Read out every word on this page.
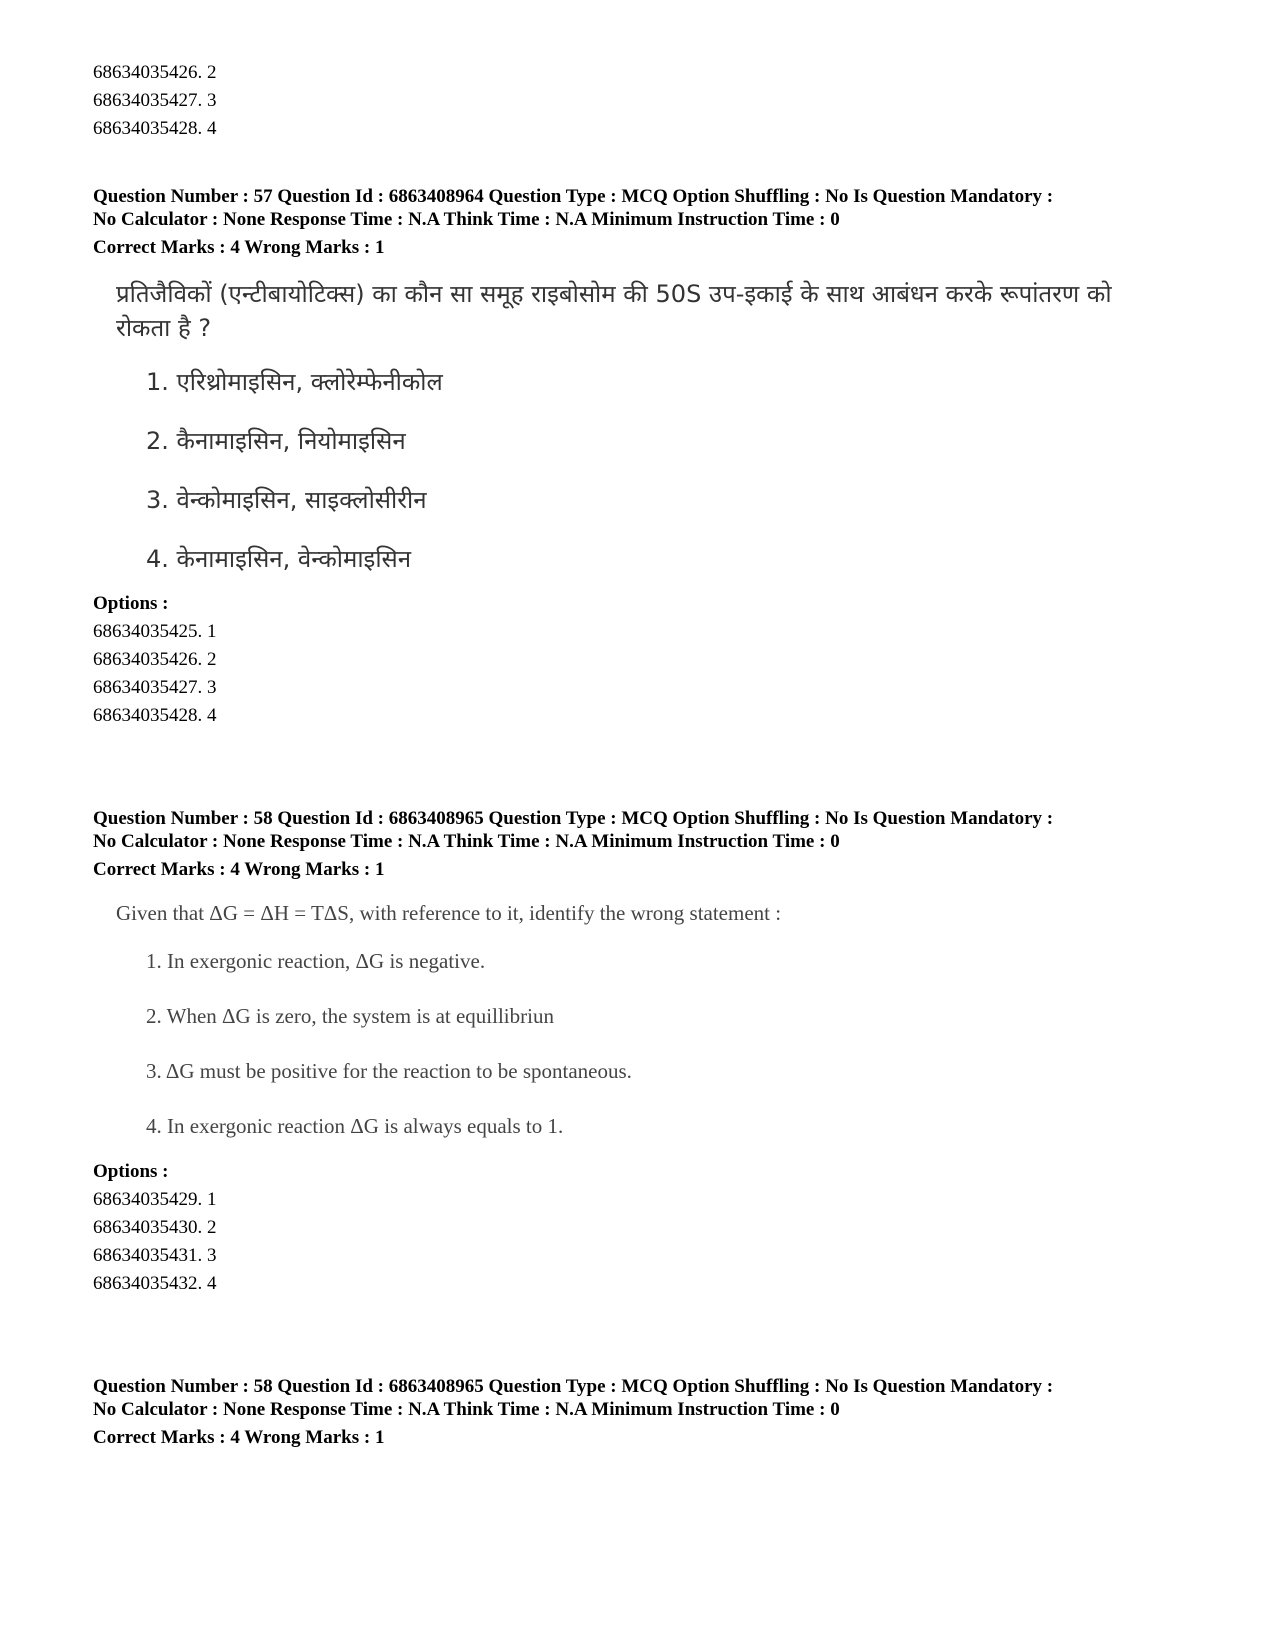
68634035426. 2
68634035427. 3
68634035428. 4
Question Number : 57 Question Id : 6863408964 Question Type : MCQ Option Shuffling : No Is Question Mandatory :
No Calculator : None Response Time : N.A Think Time : N.A Minimum Instruction Time : 0
Correct Marks : 4 Wrong Marks : 1
प्रतिजैविकों (एन्टीबायोटिक्स) का कौन सा समूह राइबोसोम की 50S उप-इकाई के साथ आबंधन करके रूपांतरण को
रोकता है ?
1. एरिथ्रोमाइसिन, क्लोरेम्फेनीकोल
2. कैनामाइसिन, नियोमाइसिन
3. वेन्कोमाइसिन, साइक्लोसीरीन
4. केनामाइसिन, वेन्कोमाइसिन
Options :
68634035425. 1
68634035426. 2
68634035427. 3
68634035428. 4
Question Number : 58 Question Id : 6863408965 Question Type : MCQ Option Shuffling : No Is Question Mandatory :
No Calculator : None Response Time : N.A Think Time : N.A Minimum Instruction Time : 0
Correct Marks : 4 Wrong Marks : 1
Given that ΔG = ΔH = TΔS, with reference to it, identify the wrong statement :
1. In exergonic reaction, ΔG is negative.
2. When ΔG is zero, the system is at equillibriun
3. ΔG must be positive for the reaction to be spontaneous.
4. In exergonic reaction ΔG is always equals to 1.
Options :
68634035429. 1
68634035430. 2
68634035431. 3
68634035432. 4
Question Number : 58 Question Id : 6863408965 Question Type : MCQ Option Shuffling : No Is Question Mandatory :
No Calculator : None Response Time : N.A Think Time : N.A Minimum Instruction Time : 0
Correct Marks : 4 Wrong Marks : 1
